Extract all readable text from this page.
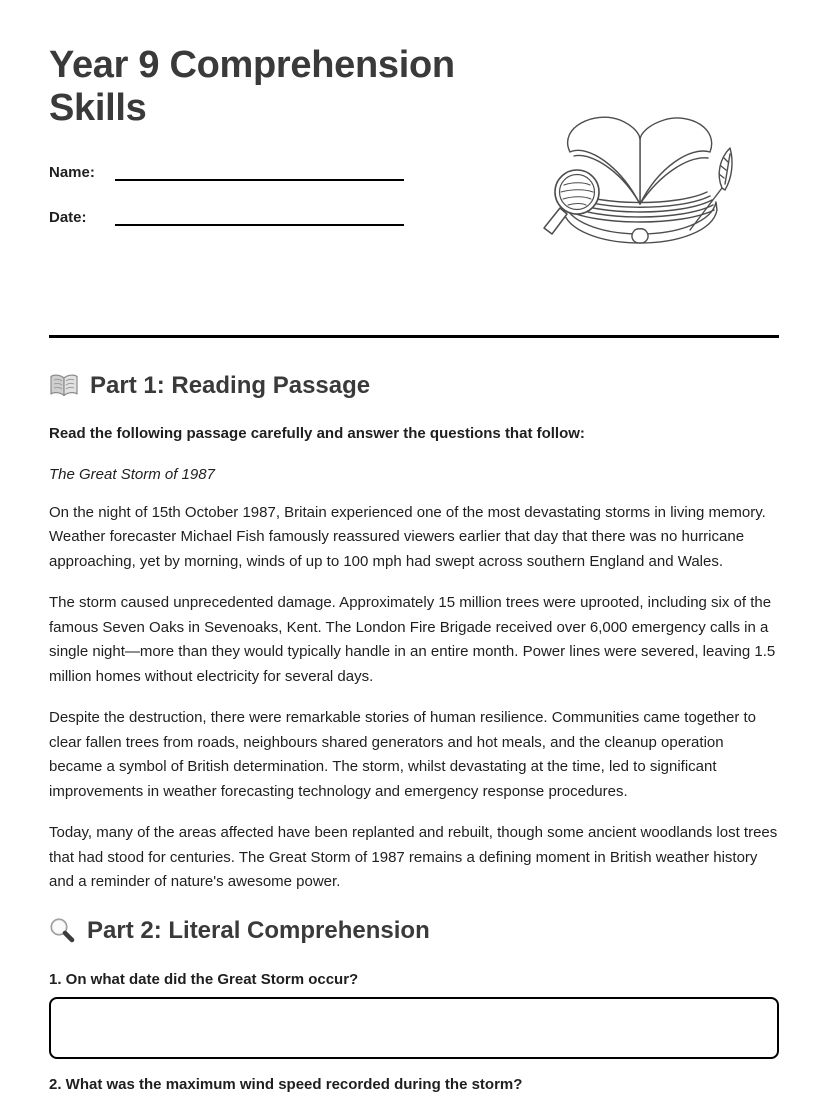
Year 9 Comprehension Skills
Name:
Date:
Part 1: Reading Passage

Read the following passage carefully and answer the questions that follow:

The Great Storm of 1987

On the night of 15th October 1987, Britain experienced one of the most devastating storms in living memory. Weather forecaster Michael Fish famously reassured viewers earlier that day that there was no hurricane approaching, yet by morning, winds of up to 100 mph had swept across southern England and Wales.

The storm caused unprecedented damage. Approximately 15 million trees were uprooted, including six of the famous Seven Oaks in Sevenoaks, Kent. The London Fire Brigade received over 6,000 emergency calls in a single night—more than they would typically handle in an entire month. Power lines were severed, leaving 1.5 million homes without electricity for several days.

Despite the destruction, there were remarkable stories of human resilience. Communities came together to clear fallen trees from roads, neighbours shared generators and hot meals, and the cleanup operation became a symbol of British determination. The storm, whilst devastating at the time, led to significant improvements in weather forecasting technology and emergency response procedures.

Today, many of the areas affected have been replanted and rebuilt, though some ancient woodlands lost trees that had stood for centuries. The Great Storm of 1987 remains a defining moment in British weather history and a reminder of nature's awesome power.

Part 2: Literal Comprehension

1. On what date did the Great Storm occur?

2. What was the maximum wind speed recorded during the storm?
